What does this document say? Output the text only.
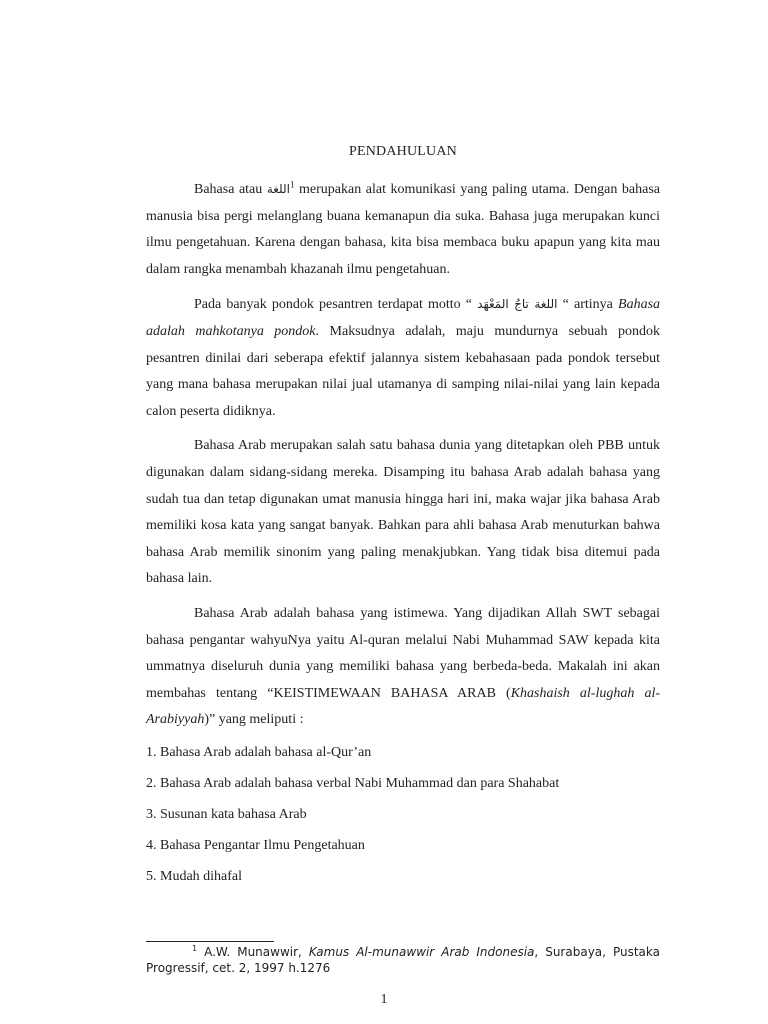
PENDAHULUAN

Bahasa atau اللغة$^1$ merupakan alat komunikasi yang paling utama. Dengan bahasa manusia bisa pergi melanglang buana kemanapun dia suka. Bahasa juga merupakan kunci ilmu pengetahuan. Karena dengan bahasa, kita bisa membaca buku apapun yang kita mau dalam rangka menambah khazanah ilmu pengetahuan.

Pada banyak pondok pesantren terdapat motto “ اللغة تاجُ المَعْهَد “ artinya Bahasa adalah mahkotanya pondok. Maksudnya adalah, maju mundurnya sebuah pondok pesantren dinilai dari seberapa efektif jalannya sistem kebahasaan pada pondok tersebut yang mana bahasa merupakan nilai jual utamanya di samping nilai-nilai yang lain kepada calon peserta didiknya.

Bahasa Arab merupakan salah satu bahasa dunia yang ditetapkan oleh PBB untuk digunakan dalam sidang-sidang mereka. Disamping itu bahasa Arab adalah bahasa yang sudah tua dan tetap digunakan umat manusia hingga hari ini, maka wajar jika bahasa Arab memiliki kosa kata yang sangat banyak. Bahkan para ahli bahasa Arab menuturkan bahwa bahasa Arab memilik sinonim yang paling menakjubkan. Yang tidak bisa ditemui pada bahasa lain.

Bahasa Arab adalah bahasa yang istimewa. Yang dijadikan Allah SWT sebagai bahasa pengantar wahyuNya yaitu Al-quran melalui Nabi Muhammad SAW kepada kita ummatnya diseluruh dunia yang memiliki bahasa yang berbeda-beda. Makalah ini akan membahas tentang “KEISTIMEWAAN BAHASA ARAB (Khashaish al-lughah al-Arabiyyah)” yang meliputi :

1. Bahasa Arab adalah bahasa al-Qur’an
2. Bahasa Arab adalah bahasa verbal Nabi Muhammad dan para Shahabat
3. Susunan kata bahasa Arab
4. Bahasa Pengantar Ilmu Pengetahuan
5. Mudah dihafal
$^1$ A.W. Munawwir, Kamus Al-munawwir Arab Indonesia, Surabaya, Pustaka Progressif, cet. 2, 1997 h.1276
1
